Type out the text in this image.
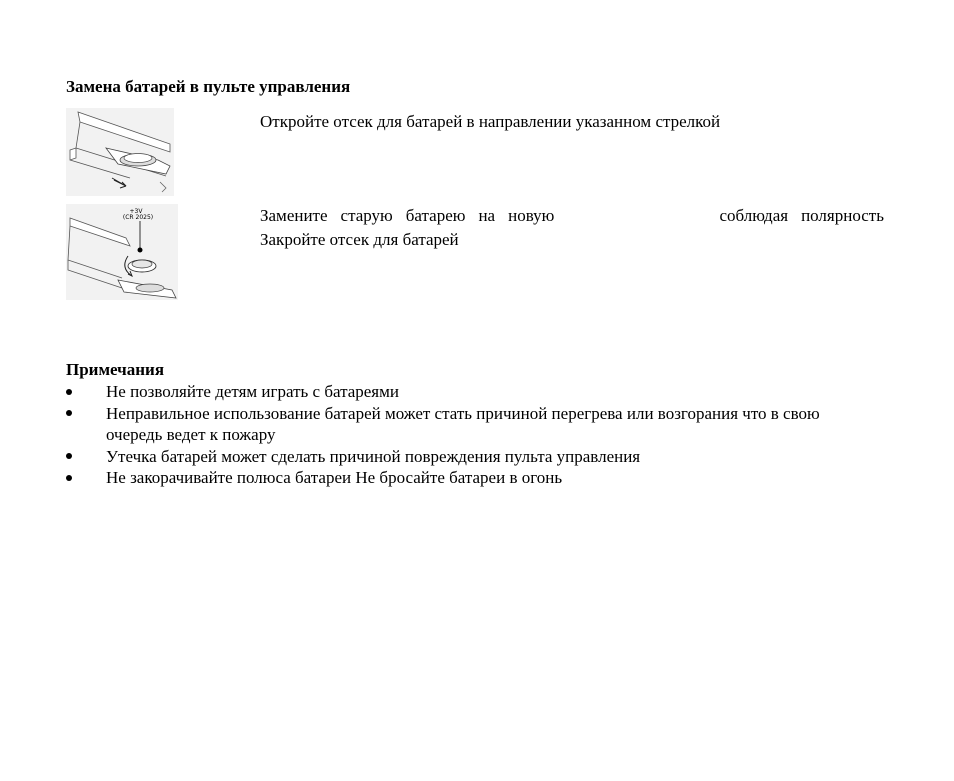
Замена батарей в пульте управления
Откройте отсек для батарей в направлении указанном стрелкой
+3V
(CR 2025)	Замените старую батарею на новую	соблюдая полярность
Закройте отсек для батарей
Примечания
Не позволяйте детям играть с батареями
Неправильное использование батарей может стать причиной перегрева или возгорания что в свою
очередь ведет к пожару
Утечка батарей может сделать причиной повреждения пульта управления
Не закорачивайте полюса батареи Не бросайте батареи в огонь
